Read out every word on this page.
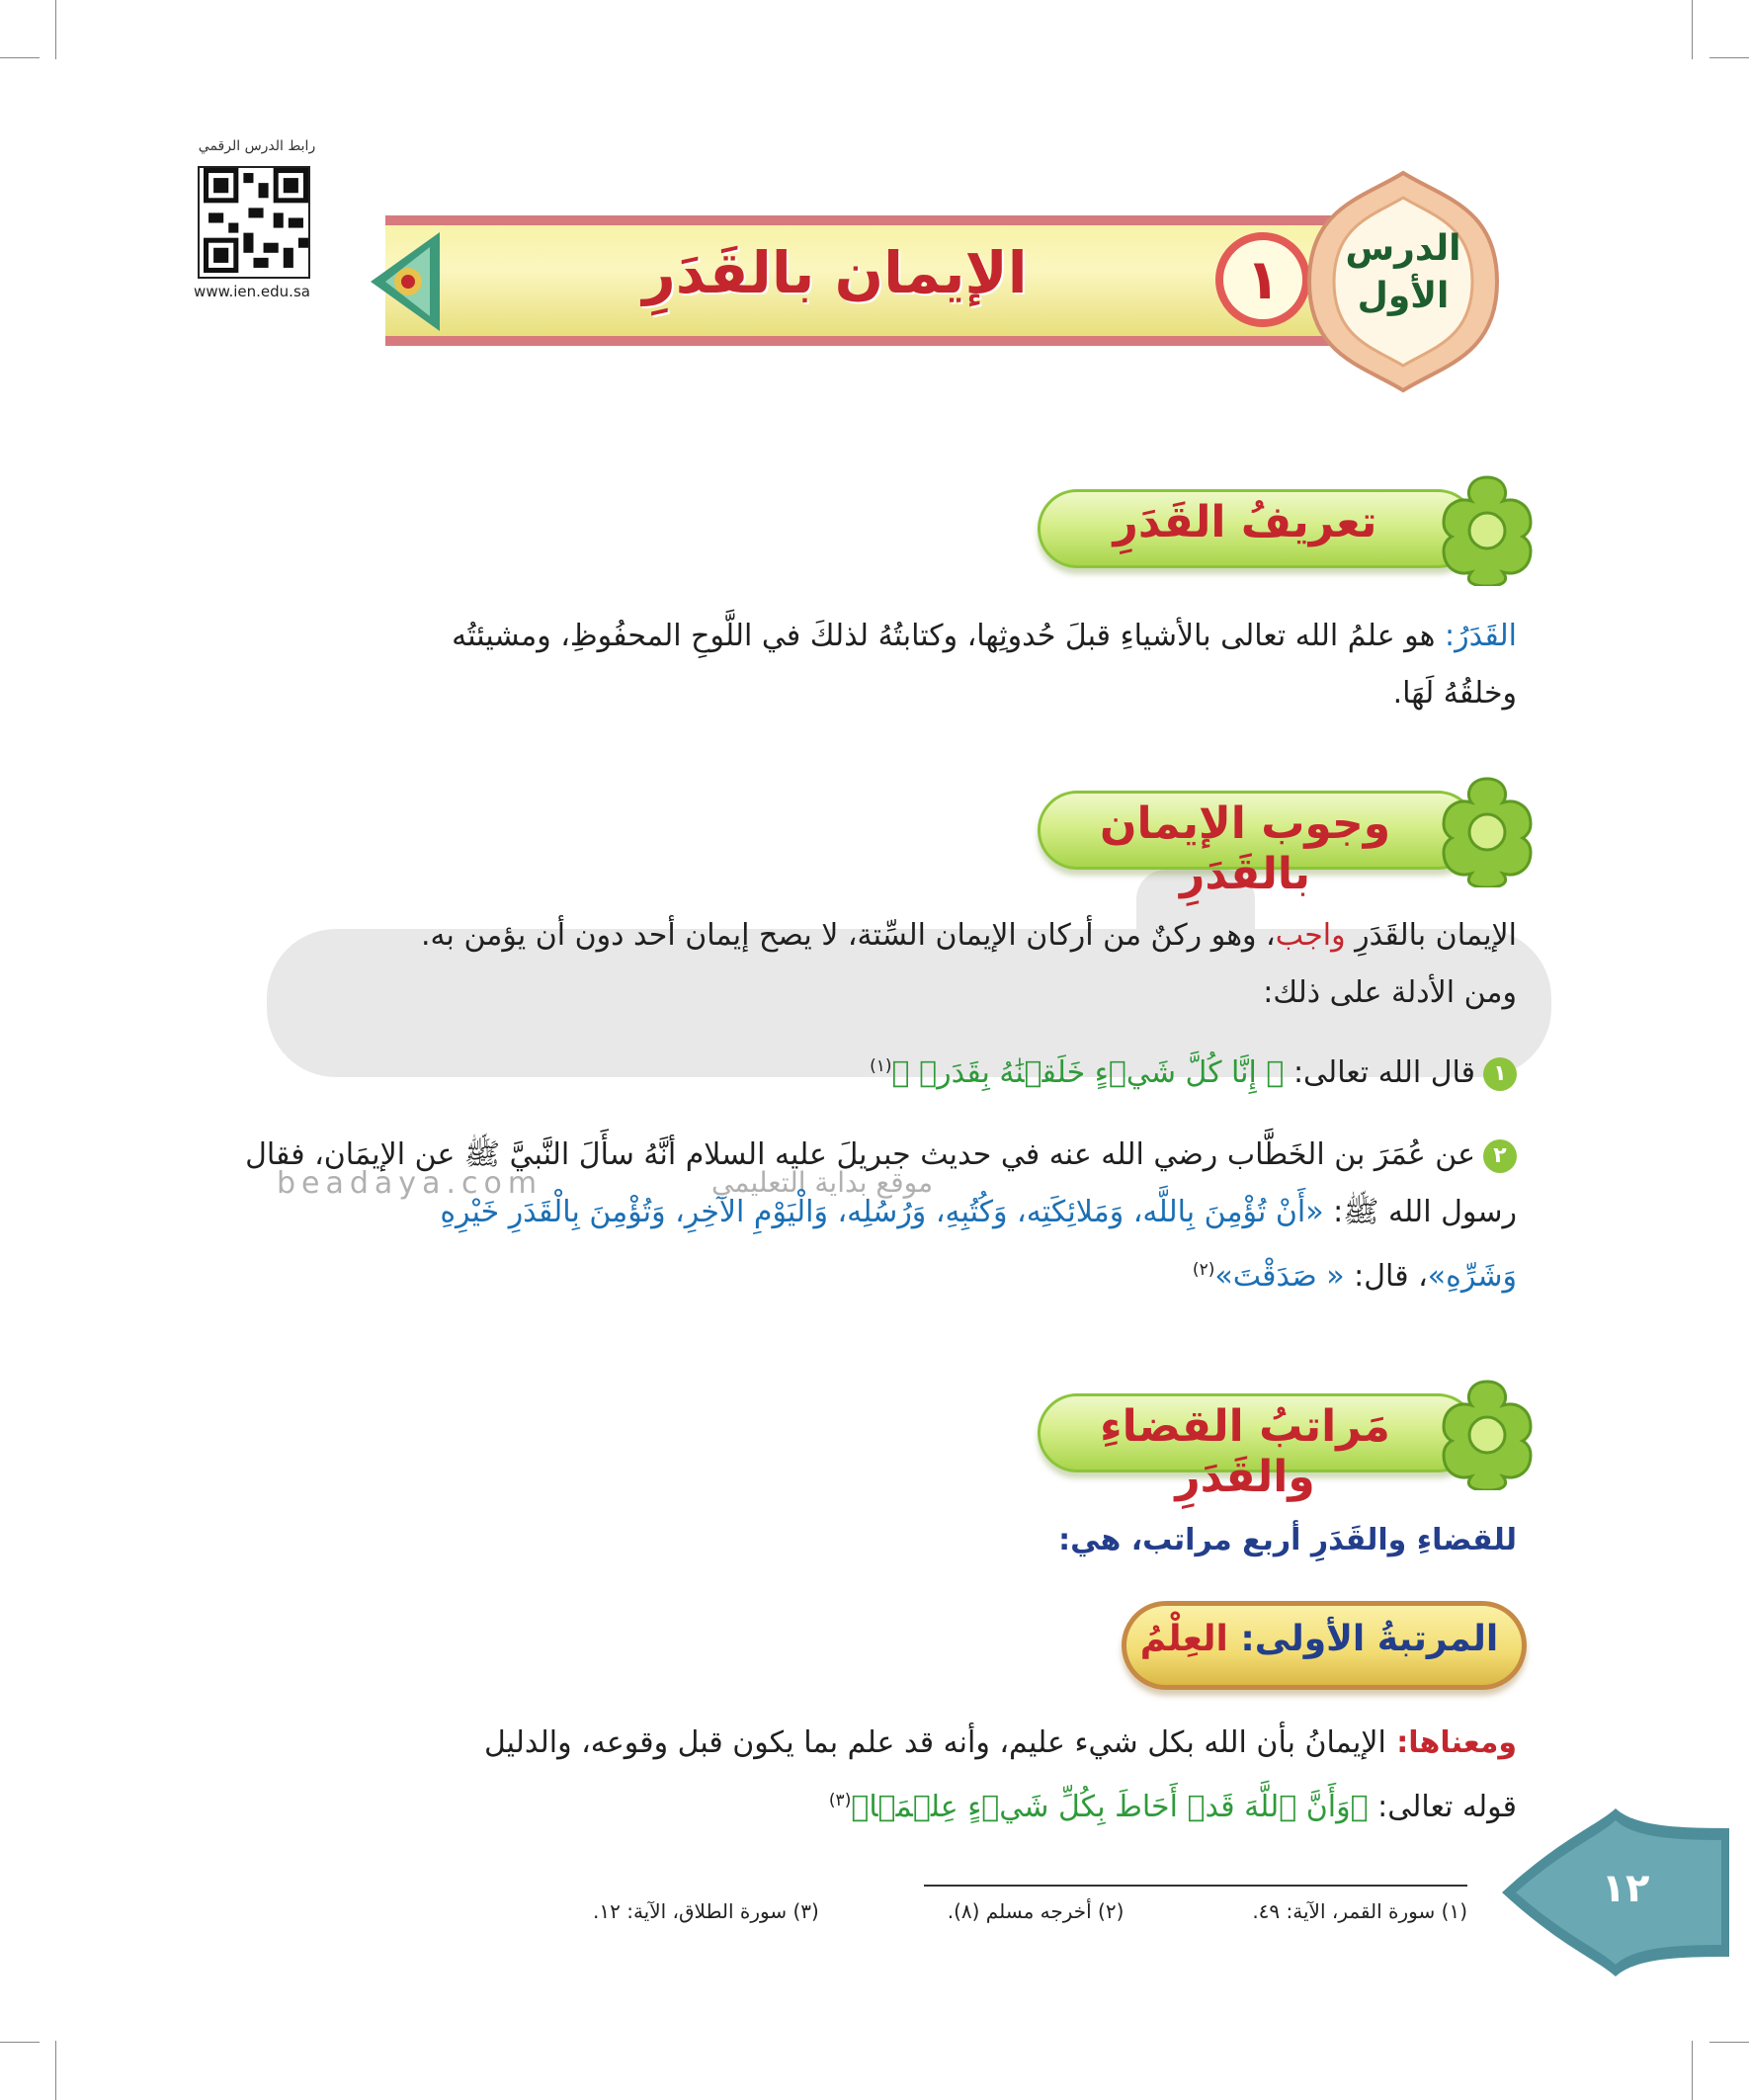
beadaya.com	موقع بداية التعليمي
رابط الدرس الرقمي
www.ien.edu.sa	الإيمان بالقَدَرِ	١	الدرس
الأول
تعريفُ القَدَرِ
القَدَرُ: هو علمُ الله تعالى بالأشياءِ قبلَ حُدوثِها، وكتابتُهُ لذلكَ في اللَّوحِ المحفُوظِ، ومشيئتُه
وخلقُهُ لَهَا.
وجوب الإيمان بالقَدَرِ
الإيمان بالقَدَرِ واجب، وهو ركنٌ من أركان الإيمان السِّتة، لا يصح إيمان أحد دون أن يؤمن به.
ومن الأدلة على ذلك:
١قال الله تعالى: ﴿ إِنَّا كُلَّ شَيۡءٍ خَلَقۡنَٰهُ بِقَدَرٖ ﴾$^{(١)}$
٢عن عُمَرَ بن الخَطَّاب رضي الله عنه في حديث جبريلَ عليه السلام أنَّهُ سأَلَ النَّبيَّ ﷺ عن الإيمَان، فقال
رسول الله ﷺ: «أَنْ تُؤْمِنَ بِاللَّه، وَمَلائِكَتِه، وَكُتُبِهِ، وَرُسُلِه، وَالْيَوْمِ الآخِرِ، وَتُؤْمِنَ بِالْقَدَرِ خَيْرِهِ
وَشَرِّهِ»، قال: « صَدَقْتَ»$^{(٢)}$
مَراتبُ القضاءِ والقَدَرِ
للقضاءِ والقَدَرِ أربع مراتب، هي:
المرتبةُ الأولى: العِلْمُ
ومعناها: الإيمانُ بأن الله بكل شيء عليم، وأنه قد علم بما يكون قبل وقوعه، والدليل
قوله تعالى: ﴿وَأَنَّ ٱللَّهَ قَدۡ أَحَاطَ بِكُلِّ شَيۡءٍ عِلۡمَۢا﴾$^{(٣)}$
(١) سورة القمر، الآية: ٤٩.
(٢) أخرجه مسلم (٨).
(٣) سورة الطلاق، الآية: ١٢.	١٢
